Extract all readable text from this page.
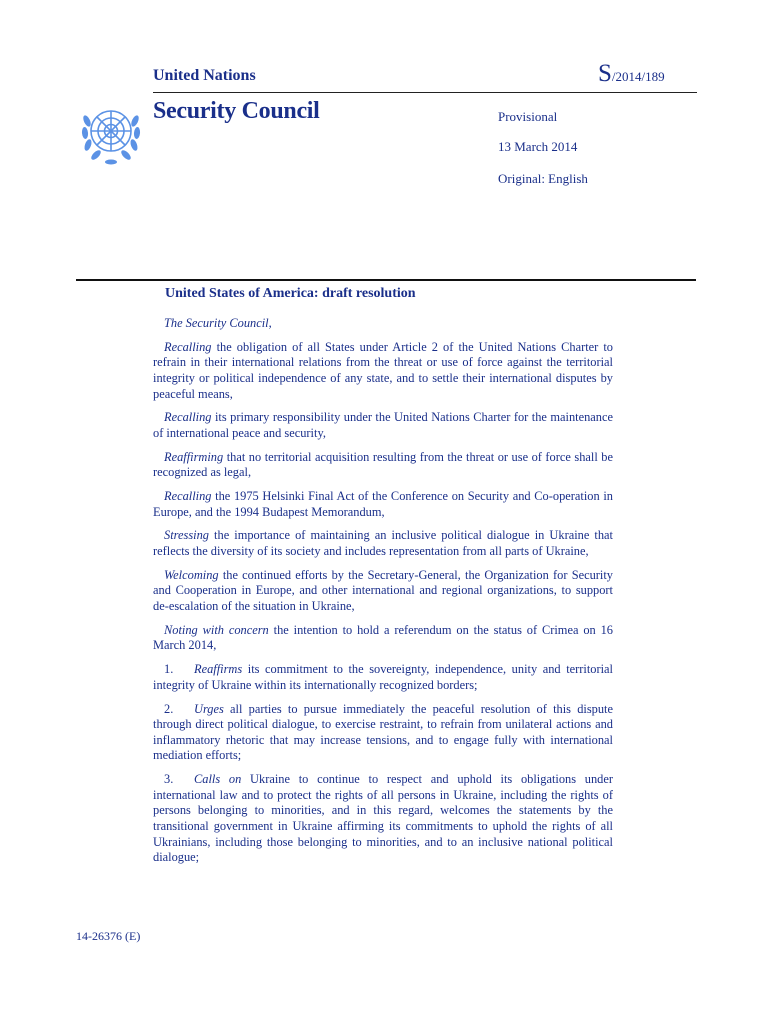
United Nations	S/2014/189
Security Council	Provisional
13 March 2014
Original: English
United States of America: draft resolution

The Security Council,

Recalling the obligation of all States under Article 2 of the United Nations Charter to refrain in their international relations from the threat or use of force against the territorial integrity or political independence of any state, and to settle their international disputes by peaceful means,

Recalling its primary responsibility under the United Nations Charter for the maintenance of international peace and security,

Reaffirming that no territorial acquisition resulting from the threat or use of force shall be recognized as legal,

Recalling the 1975 Helsinki Final Act of the Conference on Security and Co-operation in Europe, and the 1994 Budapest Memorandum,

Stressing the importance of maintaining an inclusive political dialogue in Ukraine that reflects the diversity of its society and includes representation from all parts of Ukraine,

Welcoming the continued efforts by the Secretary-General, the Organization for Security and Cooperation in Europe, and other international and regional organizations, to support de-escalation of the situation in Ukraine,

Noting with concern the intention to hold a referendum on the status of Crimea on 16 March 2014,

1. Reaffirms its commitment to the sovereignty, independence, unity and territorial integrity of Ukraine within its internationally recognized borders;

2. Urges all parties to pursue immediately the peaceful resolution of this dispute through direct political dialogue, to exercise restraint, to refrain from unilateral actions and inflammatory rhetoric that may increase tensions, and to engage fully with international mediation efforts;

3. Calls on Ukraine to continue to respect and uphold its obligations under international law and to protect the rights of all persons in Ukraine, including the rights of persons belonging to minorities, and in this regard, welcomes the statements by the transitional government in Ukraine affirming its commitments to uphold the rights of all Ukrainians, including those belonging to minorities, and to an inclusive national political dialogue;

14-26376 (E)
